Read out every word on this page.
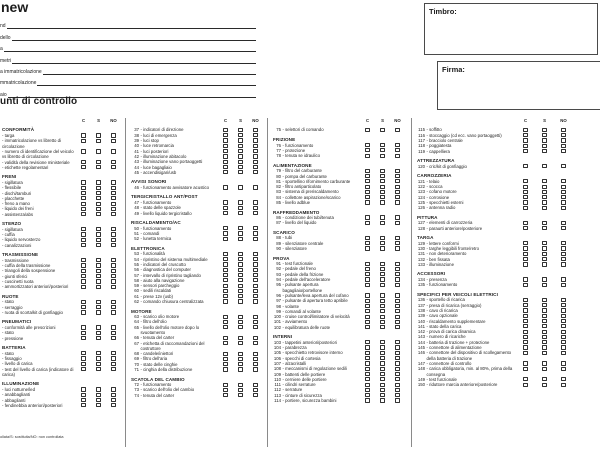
new
nd
dello
a
metri
a immatricolazione
mmatricolazione
aio
Timbro:
Firma:
unti di controllo
C	S	NO
CONFORMITÀ
- targa
- immatricolazione vs libretto di circolazione
- numero di identificazione del veicolo vs libretto di circolazione
- validità della revisione ministeriale
- etichette regolamentari
FRENI
- sigillatura
- flessibile
- dischi/tamburi
- placchette
- freno a mano
- liquido dei freni
- assistenza/abs
STERZO
- sigillatura
- cuffia
- liquido servosterzo
- canalizzazioni
TRASMISSIONE
- trasmissione
- cuffia della trasmissione
- triangoli della sospensione
- giunti sferici
- cuscinetti ruota
- ammortizzatori anteriori/posteriori
RUOTE
- stato
- serraggio
- ruota di scorta/kit di gonfiaggio
PNEUMATICI
- conformità alle prescrizioni
- stato
- pressione
BATTERIA
- stato
- fissaggio
- livello di carica
- test del livello di carica (indicatore di carica)
ILLUMINAZIONE
- luci notturne/led
- anabbaglianti
- abbaglianti
- fendinebbia anteriori/posteriori
C	S	NO
37 - indicatori di direzione
38 - luci di emergenza
39 - luci stop
40 - luce retromarcia
41 - luci posteriori
42 - illuminazione abitacolo
43 - illuminazione vano portaoggetti
44 - luce bagagliaio
45 - accendisigari/usb
AVVISI SONORI
46 - funzionamento avvisatore acustico
TERGICRISTALLO ANT/POST
47 - funzionamento
48 - stato delle spazzole
49 - livello liquido tergicristallo
RISCALDAMENTO/AC
50 - funzionamento
51 - comandi
52 - lunetta termica
ELETTRONICA
53 - funzionalità
54 - ripristino del sistema multimediale
55 - indicatori del cruscotto
56 - diagnostica del computer
57 - intervallo di ripristino tagliando
58 - aiuto alla navigazione
59 - sensori parcheggio
60 - sedili riscaldati
61 - prese 12v (usb)
62 - comando chiusura centralizzata
MOTORE
63 - scarico olio motore
64 - filtro dell'olio
65 - livello dell'olio motore dopo lo svuotamento
66 - tenuta del carter
67 - etichetta di raccomandazioni del costruttore
68 - candele/iniettori
69 - filtro dell'aria
70 - stato delle cinghie
71 - cinghia della distribuzione
SCATOLA DEL CAMBIO
72 - funzionamento
73 - scarico dell'olio del cambio
74 - tenuta del carter
C	S	NO
75 - selettori di comando
FRIZIONE
76 - funzionamento
77 - protezione
78 - tenuta se idraulico
ALIMENTAZIONE
79 - filtro del carburante
80 - pompa del carburante
81 - sportellino rifornimento carburante
82 - filtro antiparticolato
83 - sistema di preriscaldamento
84 - collettore aspirazione/scarico
85 - livello adblue
RAFFREDDAMENTO
86 - condizione dei tubi/tenuta
87 - livello del liquido
SCARICO
88 - tubi
89 - silenziatore centrale
90 - silenziatore
PROVA
91 - test funzionale
92 - pedale del freno
93 - pedale della frizione
94 - pedale dell'acceleratore
95 - pulsante apertura bagagliaio/portellone
96 - pulsante/leva apertura del cofano
97 - pulsante di apertura tetto apribile
98 - volante
99 - comandi al volante
100 - cruise control/limitatore di velocità
101 - avviamento
102 - equilibratura delle ruote
INTERNI
103 - tappetini anteriori/posteriori
104 - parabrezza
105 - specchietto retrovisore interno
106 - specchi di cortesia
107 - alzacristalli
108 - meccanismi di regolazione sedili
109 - battenti delle portiere
110 - cerniere delle portiere
111 - cilindri serrature
112 - serrature
113 - cinture di sicurezza
114 - portiere, sicurezza bambini
C	S	NO
115 - soffitto
116 - stoccaggio (cd ecc. vano portaoggetti)
117 - bracciolo centrale
118 - poggiatesta
119 - cappelliera
ATTREZZATURA
120 - cric/kit di gonfiaggio
CARROZZERIA
121 - telaio
122 - scocca
123 - cofano motore
124 - corrosione
125 - specchietti esterni
126 - antenna radio
PITTURA
127 - elementi di carrozzeria
128 - paraurti anteriore/posteriore
TARGA
129 - lettere conformi
130 - targhe leggibili fronte/retro
131 - non deterioramento
132 - ben fissata
133 - illuminazione
ACCESSORI
134 - presenza
135 - funzionamento
SPECIFICI PER VEICOLI ELETTRICI
136 - sportello di ricarica
137 - presa di ricarica (serraggio)
138 - cavo di ricarica
139 - cavo opzionale
140 - riscaldamento supplementare
141 - stato della carica
142 - prova di carica dinamica
143 - numero di ricariche
144 - batteria di trazione + protezione
145 - connettore di alimentazione
146 - connettore del dispositivo di scollegamento della batteria di trazione
147 - connettore di controllo
148 - carica obbligatoria, min. al 80%, prima della consegna
149 - test funzionale
150 - riduttore marcia anteriore/posteriore
ollata/S: sostituita/NO: non controllata
